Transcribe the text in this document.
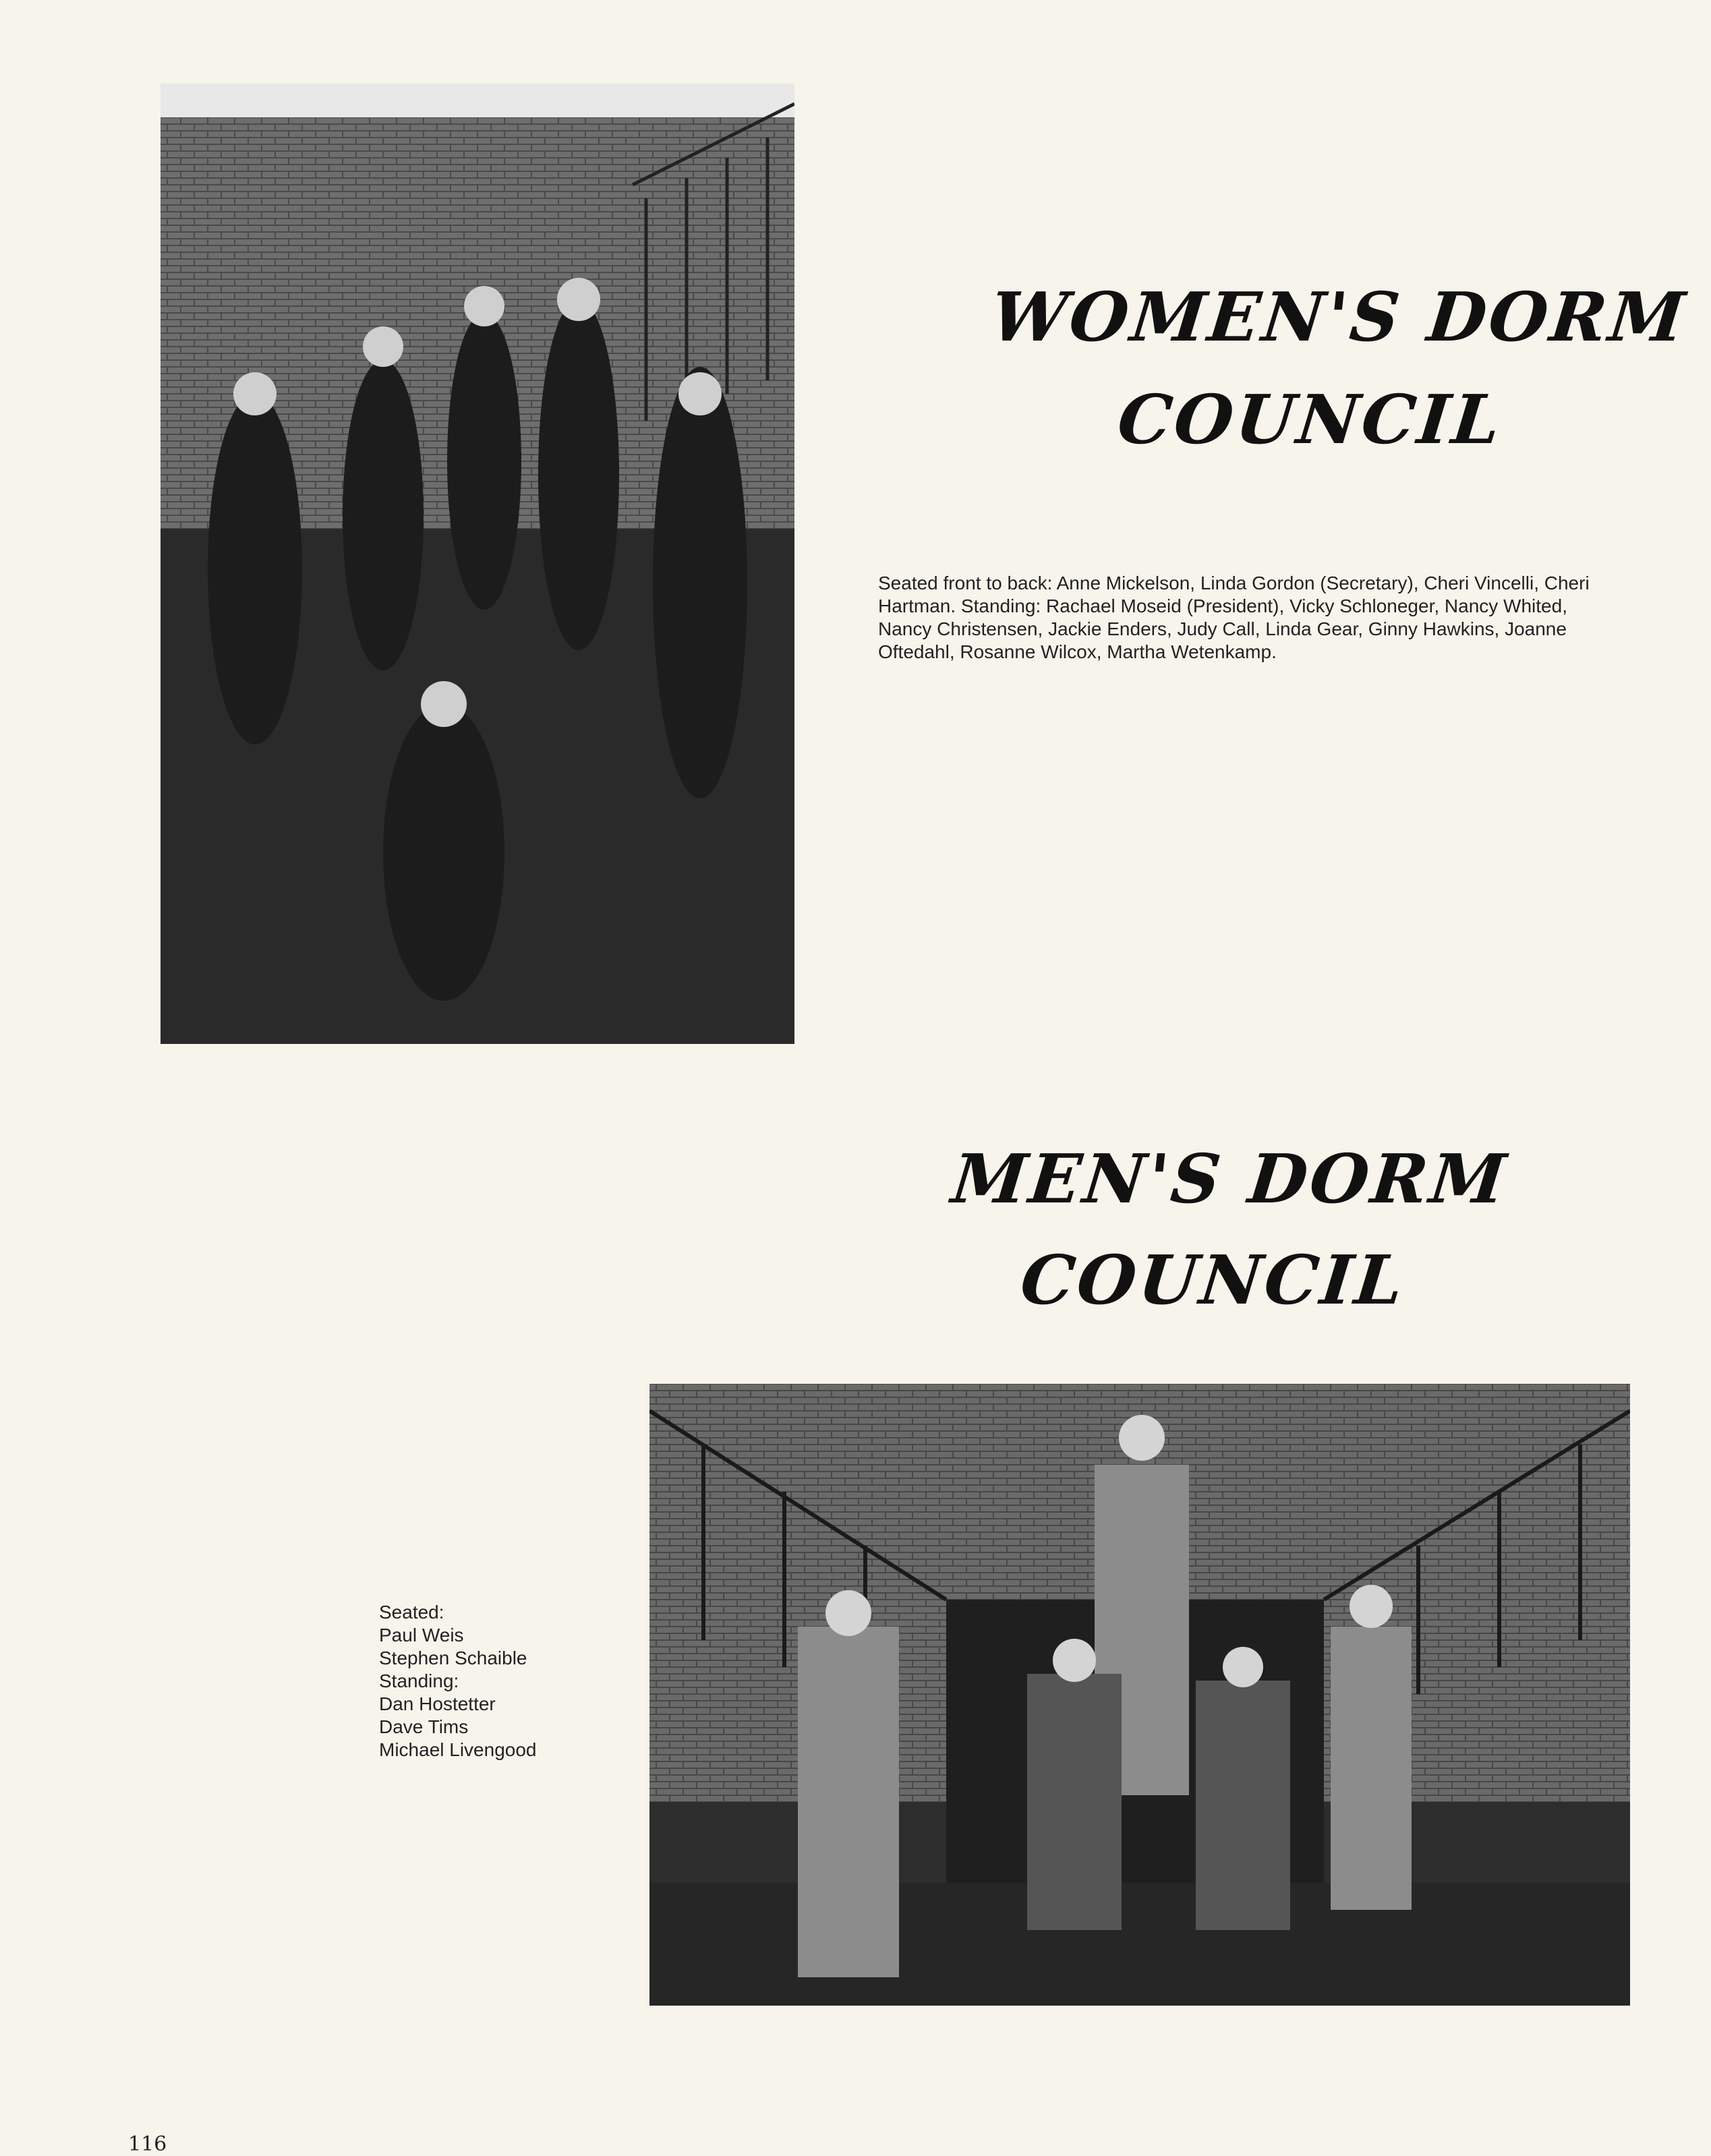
WOMEN'S DORM
COUNCIL
Seated front to back: Anne Mickelson, Linda Gordon (Secretary), Cheri Vincelli, Cheri Hartman. Standing: Rachael Moseid (President), Vicky Schloneger, Nancy Whited, Nancy Christensen, Jackie Enders, Judy Call, Linda Gear, Ginny Hawkins, Joanne Oftedahl, Rosanne Wilcox, Martha Wetenkamp.
MEN'S DORM
COUNCIL
Seated:
Paul Weis
Stephen Schaible
Standing:
Dan Hostetter
Dave Tims
Michael Livengood
116
